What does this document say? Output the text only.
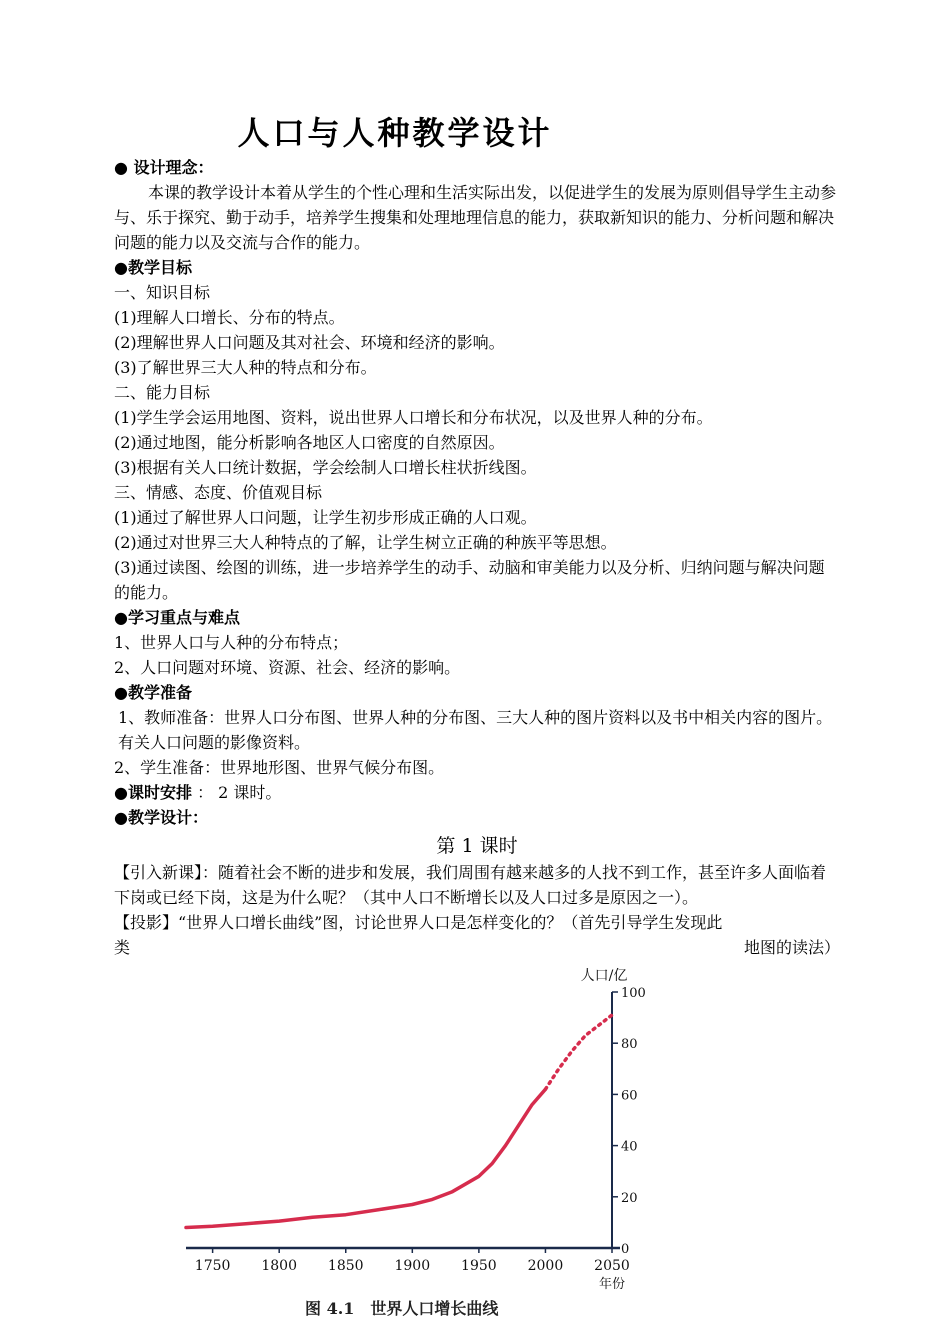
人口与人种教学设计

● 设计理念：

本课的教学设计本着从学生的个性心理和生活实际出发，以促进学生的发展为原则倡导学生主动参与、乐于探究、勤于动手，培养学生搜集和处理地理信息的能力，获取新知识的能力、分析问题和解决问题的能力以及交流与合作的能力。

●教学目标

一、知识目标

(1)理解人口增长、分布的特点。

(2)理解世界人口问题及其对社会、环境和经济的影响。

(3)了解世界三大人种的特点和分布。

二、能力目标

(1)学生学会运用地图、资料，说出世界人口增长和分布状况，以及世界人种的分布。

(2)通过地图，能分析影响各地区人口密度的自然原因。

(3)根据有关人口统计数据，学会绘制人口增长柱状折线图。

三、情感、态度、价值观目标

(1)通过了解世界人口问题，让学生初步形成正确的人口观。

(2)通过对世界三大人种特点的了解，让学生树立正确的种族平等思想。

(3)通过读图、绘图的训练，进一步培养学生的动手、动脑和审美能力以及分析、归纳问题与解决问题的能力。

●学习重点与难点

1、世界人口与人种的分布特点；

2、人口问题对环境、资源、社会、经济的影响。

●教学准备

1、教师准备：世界人口分布图、世界人种的分布图、三大人种的图片资料以及书中相关内容的图片。 有关人口问题的影像资料。

2、学生准备：世界地形图、世界气候分布图。

●课时安排 ： 2 课时。

●教学设计：

第 1 课时

【引入新课】：随着社会不断的进步和发展，我们周围有越来越多的人找不到工作，甚至许多人面临着下岗或已经下岗，这是为什么呢？（其中人口不断增长以及人口过多是原因之一）。

【投影】“世界人口增长曲线”图，讨论世界人口是怎样变化的？（首先引导学生发现此

类	地图的读法）

0
20
40
60
80
100
1750 1800 1850 1900 1950 2000 2050
人口/亿
年份
图 4.1　世界人口增长曲线
